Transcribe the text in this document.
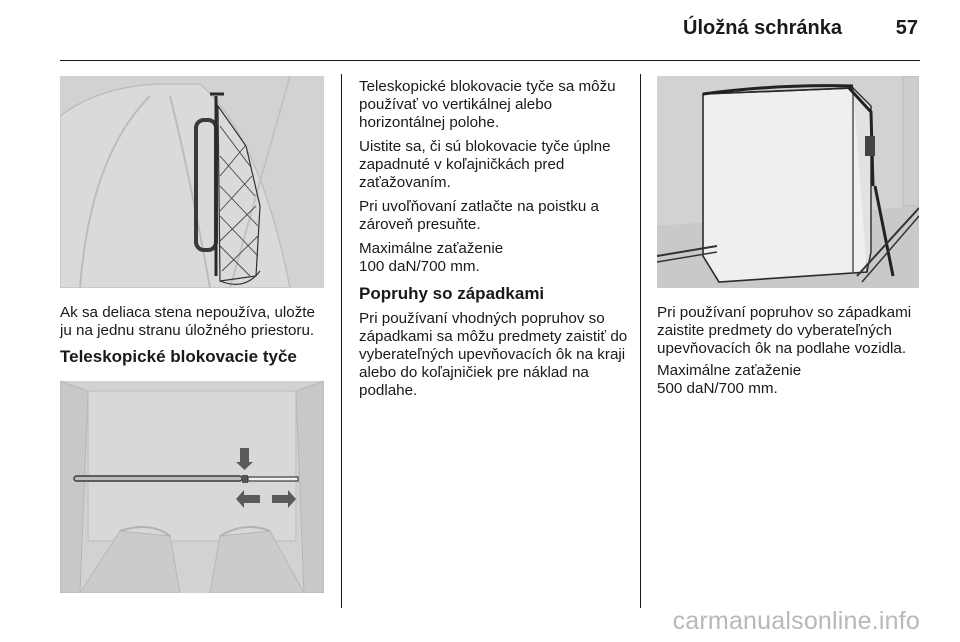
Úložná schránka	57

Ak sa deliaca stena nepoužíva, uložte ju na jednu stranu úložného priestoru.

Teleskopické blokovacie tyče

Teleskopické blokovacie tyče sa môžu používať vo vertikálnej alebo horizontálnej polohe.

Uistite sa, či sú blokovacie tyče úplne zapadnuté v koľajničkách pred zaťažovaním.

Pri uvoľňovaní zatlačte na poistku a zároveň presuňte.

Maximálne zaťaženie 100 daN/700 mm.

Popruhy so západkami

Pri používaní vhodných popruhov so západkami sa môžu predmety zaistiť do vyberateľných upevňovacích ôk na kraji alebo do koľajničiek pre náklad na podlahe.

Pri používaní popruhov so západkami zaistite predmety do vyberateľných upevňovacích ôk na podlahe vozidla.

Maximálne zaťaženie 500 daN/700 mm.

carmanualsonline.info
